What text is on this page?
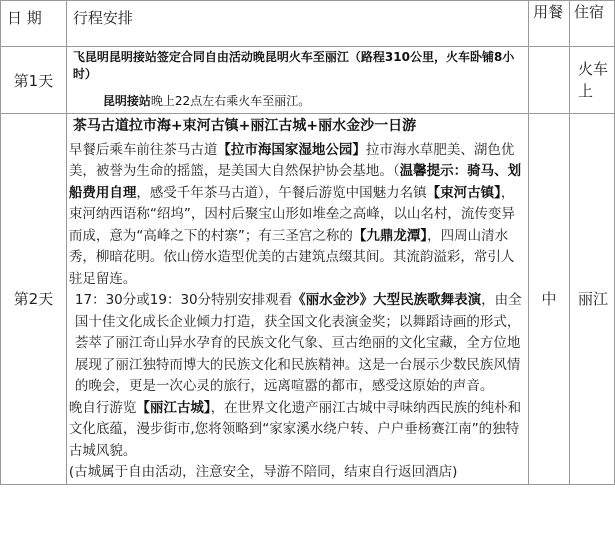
日 期	行程安排	用餐	住宿
第1天	飞昆明昆明接站签定合同自由活动晚昆明火车至丽江（路程310公里，火车卧铺8小时）
昆明接站晚上22点左右乘火车至丽江。		火车上
第2天	茶马古道拉市海+束河古镇+丽江古城+丽水金沙一日游
早餐后乘车前往茶马古道【拉市海国家湿地公园】拉市海水草肥美、湖色优美，被誉为生命的摇篮，是美国大自然保护协会基地。（温馨提示：骑马、划船费用自理，感受千年茶马古道），午餐后游览中国魅力名镇【束河古镇】，束河纳西语称“绍坞”，因村后聚宝山形如堆垒之高峰，以山名村，流传变异而成，意为“高峰之下的村寨”；有三圣宫之称的【九鼎龙潭】，四周山清水秀，柳暗花明。依山傍水造型优美的古建筑点缀其间。其流韵溢彩，常引人驻足留连。
17：30分或19：30分特别安排观看《丽水金沙》大型民族歌舞表演，由全国十佳文化成长企业倾力打造，获全国文化表演金奖；以舞蹈诗画的形式，荟萃了丽江奇山异水孕育的民族文化气象、亘古绝丽的文化宝藏，全方位地展现了丽江独特而博大的民族文化和民族精神。这是一台展示少数民族风情的晚会，更是一次心灵的旅行，远离喧嚣的都市，感受这原始的声音。
晚自行游览【丽江古城】，在世界文化遗产丽江古城中寻味纳西民族的纯朴和文化底蕴，漫步街市,您将领略到“家家溪水绕户转、户户垂杨赛江南”的独特古城风貌。
(古城属于自由活动，注意安全，导游不陪同，结束自行返回酒店)	中	丽江
